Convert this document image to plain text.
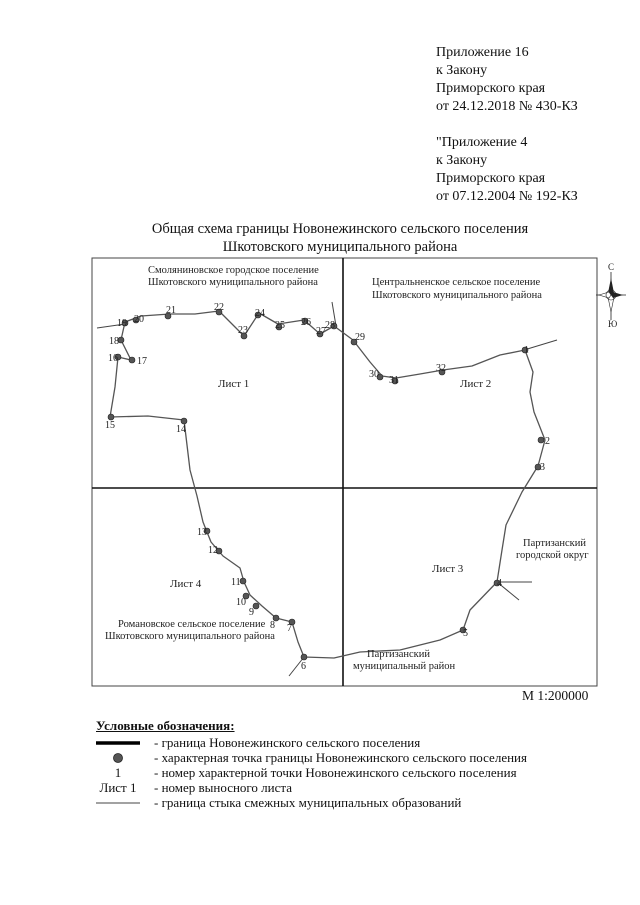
Приложение 16
к Закону
Приморского края
от 24.12.2018 № 430-КЗ
"Приложение 4
к Закону
Приморского края
от 07.12.2004 № 192-КЗ
Общая схема границы Новонежинского сельского поселения
Шкотовского муниципального района
1
2
3
4
5
6
7
8
9
10
11
12
13
14
15
16 17
18
19 20
21	22
23
24
25 26
27
28
29
30
31
32
Смоляниновское городское поселение
Шкотовского муниципального района	Центральненское сельское поселение
Шкотовского муниципального района
Партизанский
городской округ
Романовское сельское поселение
Шкотовского муниципального района
Партизанский
муниципальный район
Лист 1	Лист 2
Лист 3
Лист 4
С
Ю
М 1:200000
Условные обозначения:
- граница Новонежинского сельского поселения
- характерная точка границы Новонежинского сельского поселения
1	- номер характерной точки Новонежинского сельского поселения
Лист 1 - номер выносного листа
- граница стыка смежных муниципальных образований
